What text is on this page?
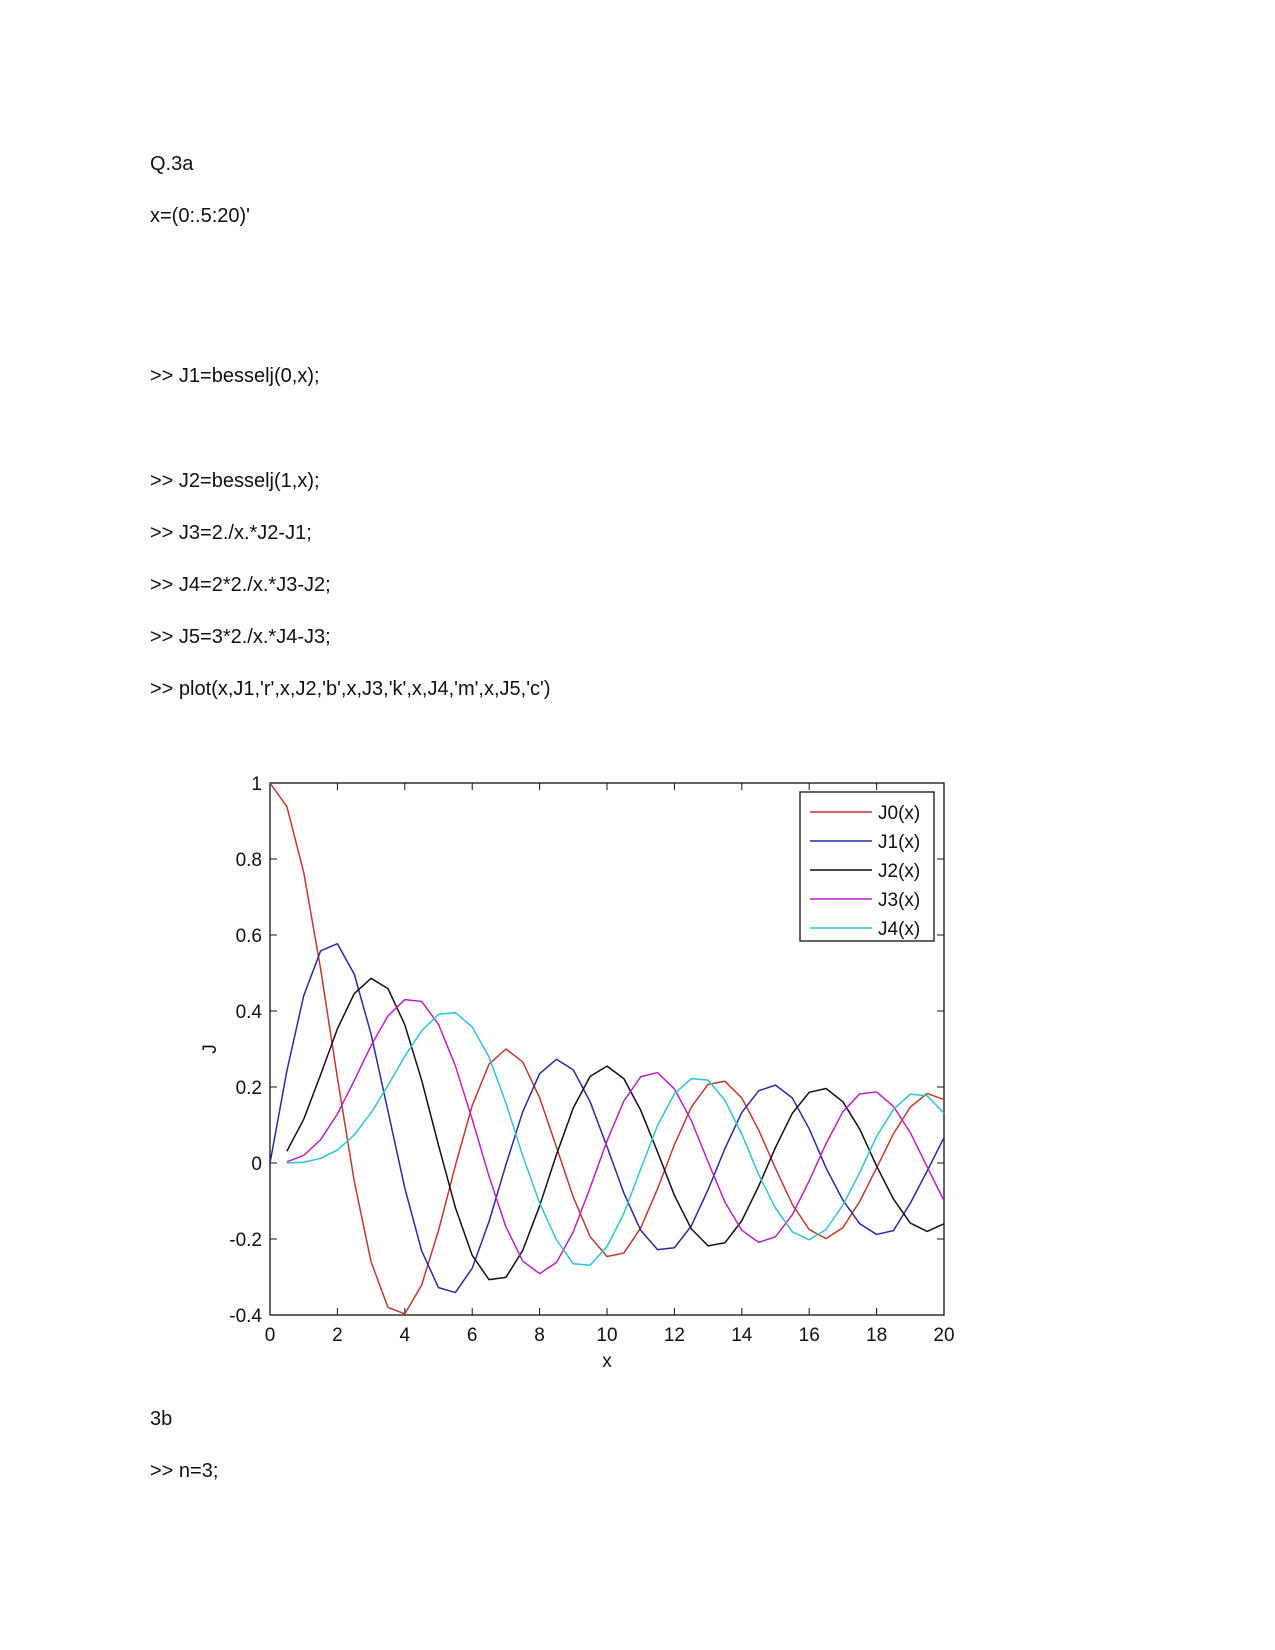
Q.3a
x=(0:.5:20)'
>> J1=besselj(0,x);
>> J2=besselj(1,x);
>> J3=2./x.*J2-J1;
>> J4=2*2./x.*J3-J2;
>> J5=3*2./x.*J4-J3;
>> plot(x,J1,'r',x,J2,'b',x,J3,'k',x,J4,'m',x,J5,'c')
0	2	4	6	8	10 12 14 16 18 20
-0.4
-0.2
0
0.2
0.4
0.6
0.8
1
x
J
J0(x)
J1(x)
J2(x)
J3(x)
J4(x)
3b
>> n=3;
